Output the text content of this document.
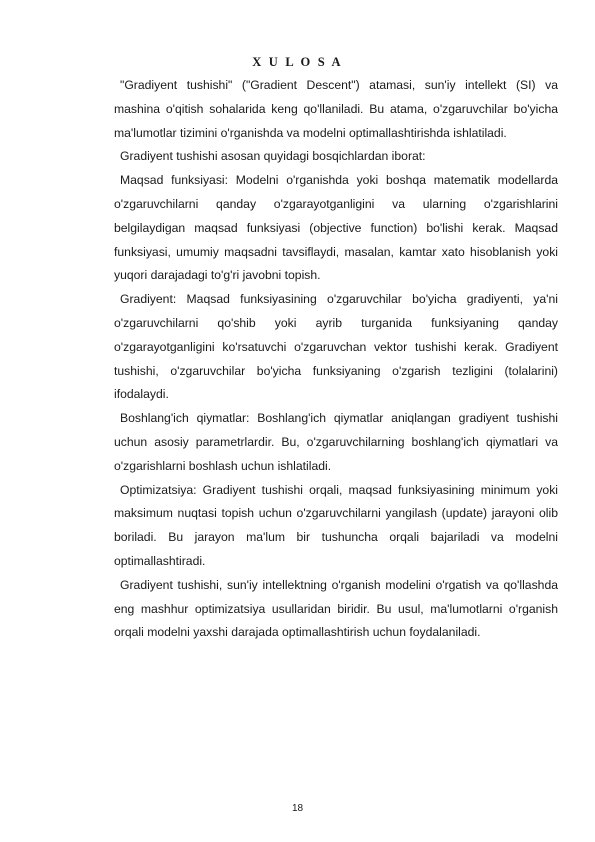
X U L O S A

"Gradiyent tushishi" ("Gradient Descent") atamasi, sun'iy intellekt (SI) va mashina o'qitish sohalarida keng qo'llaniladi. Bu atama, o'zgaruvchilar bo'yicha ma'lumotlar tizimini o'rganishda va modelni optimallashtirishda ishlatiladi.

Gradiyent tushishi asosan quyidagi bosqichlardan iborat:

Maqsad funksiyasi: Modelni o'rganishda yoki boshqa matematik modellarda o'zgaruvchilarni qanday o'zgarayotganligini va ularning o'zgarishlarini belgilaydigan maqsad funksiyasi (objective function) bo'lishi kerak. Maqsad funksiyasi, umumiy maqsadni tavsiflaydi, masalan, kamtar xato hisoblanish yoki yuqori darajadagi to'g'ri javobni topish.

Gradiyent: Maqsad funksiyasining o'zgaruvchilar bo'yicha gradiyenti, ya'ni o'zgaruvchilarni qo'shib yoki ayrib turganida funksiyaning qanday o'zgarayotganligini ko'rsatuvchi o'zgaruvchan vektor tushishi kerak. Gradiyent tushishi, o'zgaruvchilar bo'yicha funksiyaning o'zgarish tezligini (tolalarini) ifodalaydi.

Boshlang'ich qiymatlar: Boshlang'ich qiymatlar aniqlangan gradiyent tushishi uchun asosiy parametrlardir. Bu, o'zgaruvchilarning boshlang'ich qiymatlari va o'zgarishlarni boshlash uchun ishlatiladi.

Optimizatsiya: Gradiyent tushishi orqali, maqsad funksiyasining minimum yoki maksimum nuqtasi topish uchun o'zgaruvchilarni yangilash (update) jarayoni olib boriladi. Bu jarayon ma'lum bir tushuncha orqali bajariladi va modelni optimallashtiradi.

Gradiyent tushishi, sun'iy intellektning o'rganish modelini o'rgatish va qo'llashda eng mashhur optimizatsiya usullaridan biridir. Bu usul, ma'lumotlarni o'rganish orqali modelni yaxshi darajada optimallashtirish uchun foydalaniladi.

18
